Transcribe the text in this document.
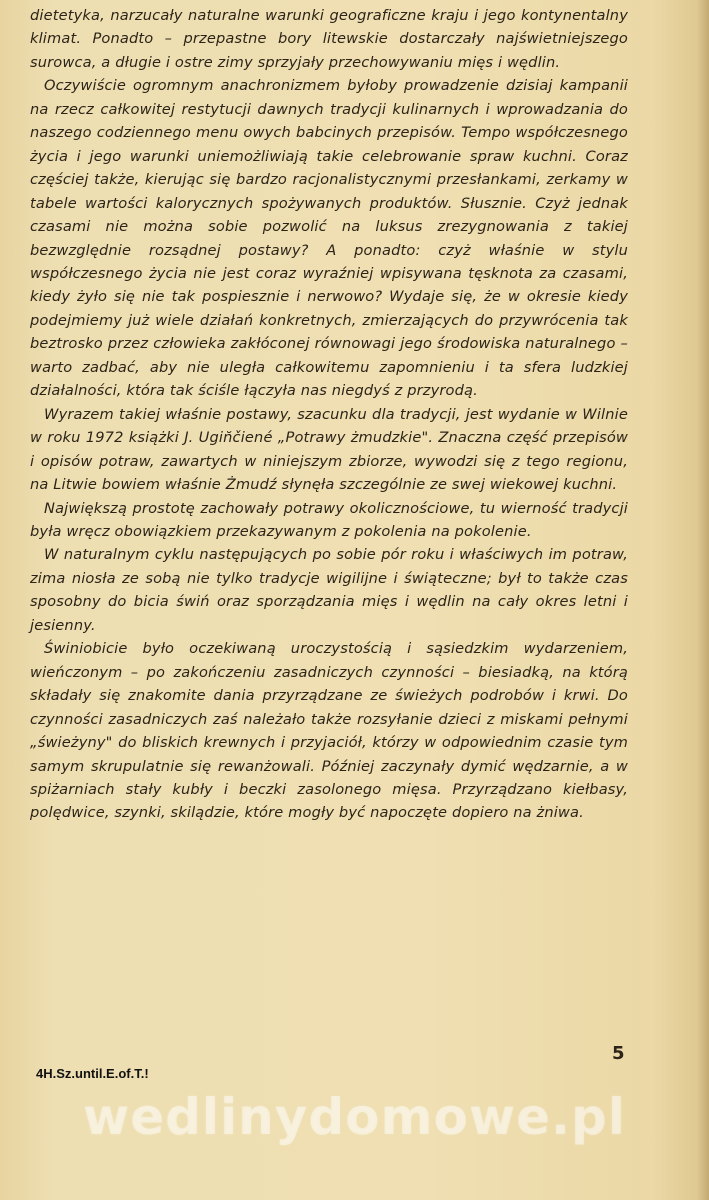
dietetyka, narzucały naturalne warunki geograficzne kraju i jego kontynentalny klimat. Ponadto – przepastne bory litewskie dostarczały najświetniejszego surowca, a długie i ostre zimy sprzyjały przechowywaniu mięs i wędlin.

Oczywiście ogromnym anachronizmem byłoby prowadzenie dzisiaj kampanii na rzecz całkowitej restytucji dawnych tradycji kulinarnych i wprowadzania do naszego codziennego menu owych babcinych przepisów. Tempo współczesnego życia i jego warunki uniemożliwiają takie celebrowanie spraw kuchni. Coraz częściej także, kierując się bardzo racjonalistycznymi przesłankami, zerkamy w tabele wartości kalorycznych spożywanych produktów. Słusznie. Czyż jednak czasami nie można sobie pozwolić na luksus zrezygnowania z takiej bezwzględnie rozsądnej postawy? A ponadto: czyż właśnie w stylu współczesnego życia nie jest coraz wyraźniej wpisywana tęsknota za czasami, kiedy żyło się nie tak pospiesznie i nerwowo? Wydaje się, że w okresie kiedy podejmiemy już wiele działań konkretnych, zmierzających do przywrócenia tak beztrosko przez człowieka zakłóconej równowagi jego środowiska naturalnego – warto zadbać, aby nie uległa całkowitemu zapomnieniu i ta sfera ludzkiej działalności, która tak ściśle łączyła nas niegdyś z przyrodą.

Wyrazem takiej właśnie postawy, szacunku dla tradycji, jest wydanie w Wilnie w roku 1972 książki J. Ugin̆čiené „Potrawy żmudzkie". Znaczna część przepisów i opisów potraw, zawartych w niniejszym zbiorze, wywodzi się z tego regionu, na Litwie bowiem właśnie Żmudź słynęła szczególnie ze swej wiekowej kuchni.

Największą prostotę zachowały potrawy okolicznościowe, tu wierność tradycji była wręcz obowiązkiem przekazywanym z pokolenia na pokolenie.

W naturalnym cyklu następujących po sobie pór roku i właściwych im potraw, zima niosła ze sobą nie tylko tradycje wigilijne i świąteczne; był to także czas sposobny do bicia świń oraz sporządzania mięs i wędlin na cały okres letni i jesienny.

Świniobicie było oczekiwaną uroczystością i sąsiedzkim wydarzeniem, wieńczonym – po zakończeniu zasadniczych czynności – biesiadką, na którą składały się znakomite dania przyrządzane ze świeżych podrobów i krwi. Do czynności zasadniczych zaś należało także rozsyłanie dzieci z miskami pełnymi „świeżyny" do bliskich krewnych i przyjaciół, którzy w odpowiednim czasie tym samym skrupulatnie się rewanżowali. Później zaczynały dymić wędzarnie, a w spiżarniach stały kubły i beczki zasolonego mięsa. Przyrządzano kiełbasy, polędwice, szynki, skilądzie, które mogły być napoczęte dopiero na żniwa.

5
4H.Sz.until.E.of.T.!
wedlinydomowe.pl
